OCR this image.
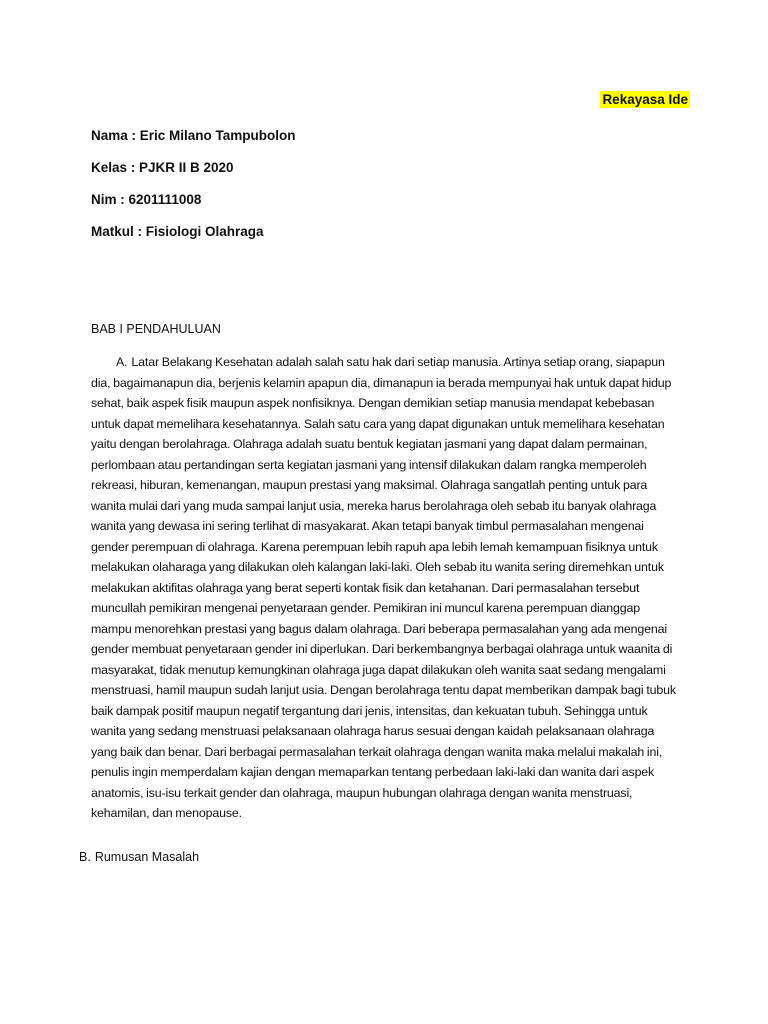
Rekayasa Ide
Nama : Eric Milano Tampubolon
Kelas : PJKR II B 2020
Nim : 6201111008
Matkul : Fisiologi Olahraga
BAB I PENDAHULUAN

A. Latar Belakang Kesehatan adalah salah satu hak dari setiap manusia. Artinya setiap orang, siapapun dia, bagaimanapun dia, berjenis kelamin apapun dia, dimanapun ia berada mempunyai hak untuk dapat hidup sehat, baik aspek fisik maupun aspek nonfisiknya. Dengan demikian setiap manusia mendapat kebebasan untuk dapat memelihara kesehatannya. Salah satu cara yang dapat digunakan untuk memelihara kesehatan yaitu dengan berolahraga. Olahraga adalah suatu bentuk kegiatan jasmani yang dapat dalam permainan, perlombaan atau pertandingan serta kegiatan jasmani yang intensif dilakukan dalam rangka memperoleh rekreasi, hiburan, kemenangan, maupun prestasi yang maksimal. Olahraga sangatlah penting untuk para wanita mulai dari yang muda sampai lanjut usia, mereka harus berolahraga oleh sebab itu banyak olahraga wanita yang dewasa ini sering terlihat di masyakarat. Akan tetapi banyak timbul permasalahan mengenai gender perempuan di olahraga. Karena perempuan lebih rapuh apa lebih lemah kemampuan fisiknya untuk melakukan olaharaga yang dilakukan oleh kalangan laki-laki. Oleh sebab itu wanita sering diremehkan untuk melakukan aktifitas olahraga yang berat seperti kontak fisik dan ketahanan. Dari permasalahan tersebut muncullah pemikiran mengenai penyetaraan gender. Pemikiran ini muncul karena perempuan dianggap mampu menorehkan prestasi yang bagus dalam olahraga. Dari beberapa permasalahan yang ada mengenai gender membuat penyetaraan gender ini diperlukan. Dari berkembangnya berbagai olahraga untuk waanita di masyarakat, tidak menutup kemungkinan olahraga juga dapat dilakukan oleh wanita saat sedang mengalami menstruasi, hamil maupun sudah lanjut usia. Dengan berolahraga tentu dapat memberikan dampak bagi tubuk baik dampak positif maupun negatif tergantung dari jenis, intensitas, dan kekuatan tubuh. Sehingga untuk wanita yang sedang menstruasi pelaksanaan olahraga harus sesuai dengan kaidah pelaksanaan olahraga yang baik dan benar. Dari berbagai permasalahan terkait olahraga dengan wanita maka melalui makalah ini, penulis ingin memperdalam kajian dengan memaparkan tentang perbedaan laki-laki dan wanita dari aspek anatomis, isu-isu terkait gender dan olahraga, maupun hubungan olahraga dengan wanita menstruasi, kehamilan, dan menopause.

B. Rumusan Masalah
